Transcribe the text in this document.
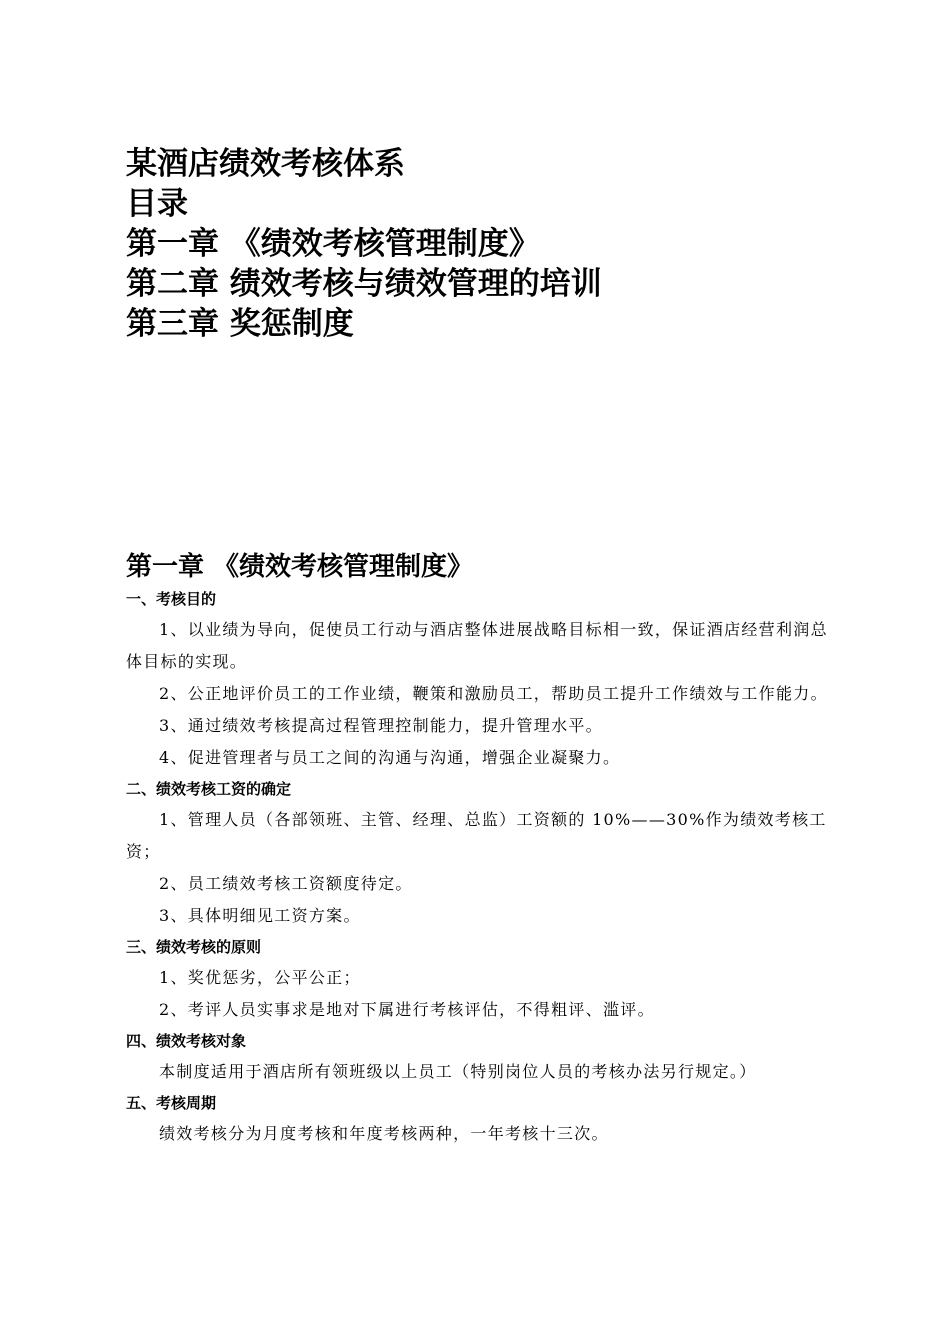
某酒店绩效考核体系

目录

第一章 《绩效考核管理制度》

第二章 绩效考核与绩效管理的培训

第三章 奖惩制度

第一章 《绩效考核管理制度》

一、考核目的

1、以业绩为导向，促使员工行动与酒店整体进展战略目标相一致，保证酒店经营利润总体目标的实现。

2、公正地评价员工的工作业绩，鞭策和激励员工，帮助员工提升工作绩效与工作能力。

3、通过绩效考核提高过程管理控制能力，提升管理水平。

4、促进管理者与员工之间的沟通与沟通，增强企业凝聚力。

二、绩效考核工资的确定

1、管理人员（各部领班、主管、经理、总监）工资额的 10%——30%作为绩效考核工资；

2、员工绩效考核工资额度待定。

3、具体明细见工资方案。

三、绩效考核的原则

1、奖优惩劣，公平公正；

2、考评人员实事求是地对下属进行考核评估，不得粗评、滥评。

四、绩效考核对象

本制度适用于酒店所有领班级以上员工（特别岗位人员的考核办法另行规定。）

五、考核周期

绩效考核分为月度考核和年度考核两种，一年考核十三次。
